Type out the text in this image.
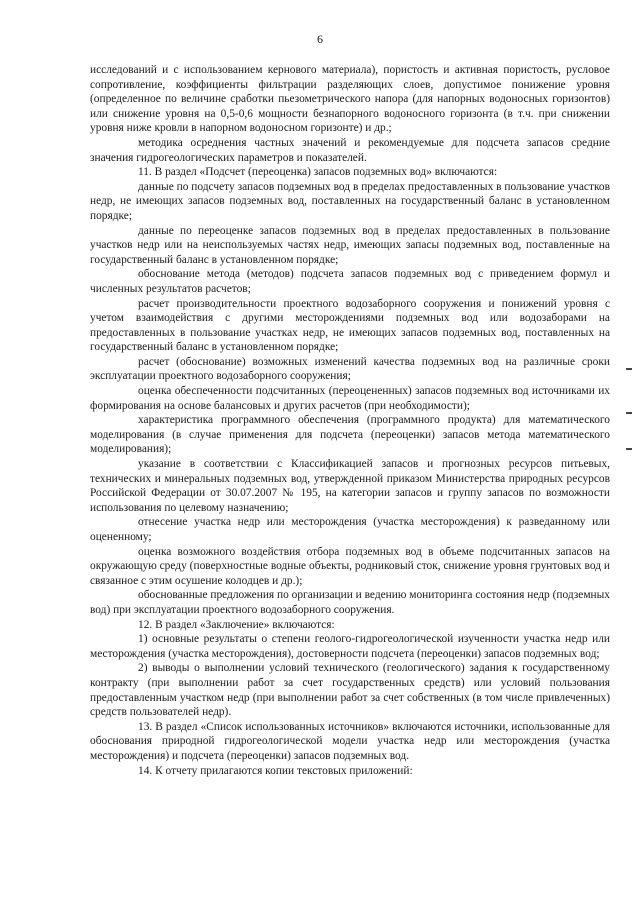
6

исследований и с использованием кернового материала), пористость и активная пористость, русловое сопротивление, коэффициенты фильтрации разделяющих слоев, допустимое понижение уровня (определенное по величине сработки пьезометрического напора (для напорных водоносных горизонтов) или снижение уровня на 0,5-0,6 мощности безнапорного водоносного горизонта (в т.ч. при снижении уровня ниже кровли в напорном водоносном горизонте) и др.;

методика осреднения частных значений и рекомендуемые для подсчета запасов средние значения гидрогеологических параметров и показателей.

11. В раздел «Подсчет (переоценка) запасов подземных вод» включаются:

данные по подсчету запасов подземных вод в пределах предоставленных в пользование участков недр, не имеющих запасов подземных вод, поставленных на государственный баланс в установленном порядке;

данные по переоценке запасов подземных вод в пределах предоставленных в пользование участков недр или на неиспользуемых частях недр, имеющих запасы подземных вод, поставленные на государственный баланс в установленном порядке;

обоснование метода (методов) подсчета запасов подземных вод с приведением формул и численных результатов расчетов;

расчет производительности проектного водозаборного сооружения и понижений уровня с учетом взаимодействия с другими месторождениями подземных вод или водозаборами на предоставленных в пользование участках недр, не имеющих запасов подземных вод, поставленных на государственный баланс в установленном порядке;

расчет (обоснование) возможных изменений качества подземных вод на различные сроки эксплуатации проектного водозаборного сооружения;

оценка обеспеченности подсчитанных (переоцененных) запасов подземных вод источниками их формирования на основе балансовых и других расчетов (при необходимости);

характеристика программного обеспечения (программного продукта) для математического моделирования (в случае применения для подсчета (переоценки) запасов метода математического моделирования);

указание в соответствии с Классификацией запасов и прогнозных ресурсов питьевых, технических и минеральных подземных вод, утвержденной приказом Министерства природных ресурсов Российской Федерации от 30.07.2007 № 195, на категории запасов и группу запасов по возможности использования по целевому назначению;

отнесение участка недр или месторождения (участка месторождения) к разведанному или оцененному;

оценка возможного воздействия отбора подземных вод в объеме подсчитанных запасов на окружающую среду (поверхностные водные объекты, родниковый сток, снижение уровня грунтовых вод и связанное с этим осушение колодцев и др.);

обоснованные предложения по организации и ведению мониторинга состояния недр (подземных вод) при эксплуатации проектного водозаборного сооружения.

12. В раздел «Заключение» включаются:

1) основные результаты о степени геолого-гидрогеологической изученности участка недр или месторождения (участка месторождения), достоверности подсчета (переоценки) запасов подземных вод;

2) выводы о выполнении условий технического (геологического) задания к государственному контракту (при выполнении работ за счет государственных средств) или условий пользования предоставленным участком недр (при выполнении работ за счет собственных (в том числе привлеченных) средств пользователей недр).

13. В раздел «Список использованных источников» включаются источники, использованные для обоснования природной гидрогеологической модели участка недр или месторождения (участка месторождения) и подсчета (переоценки) запасов подземных вод.

14. К отчету прилагаются копии текстовых приложений:
